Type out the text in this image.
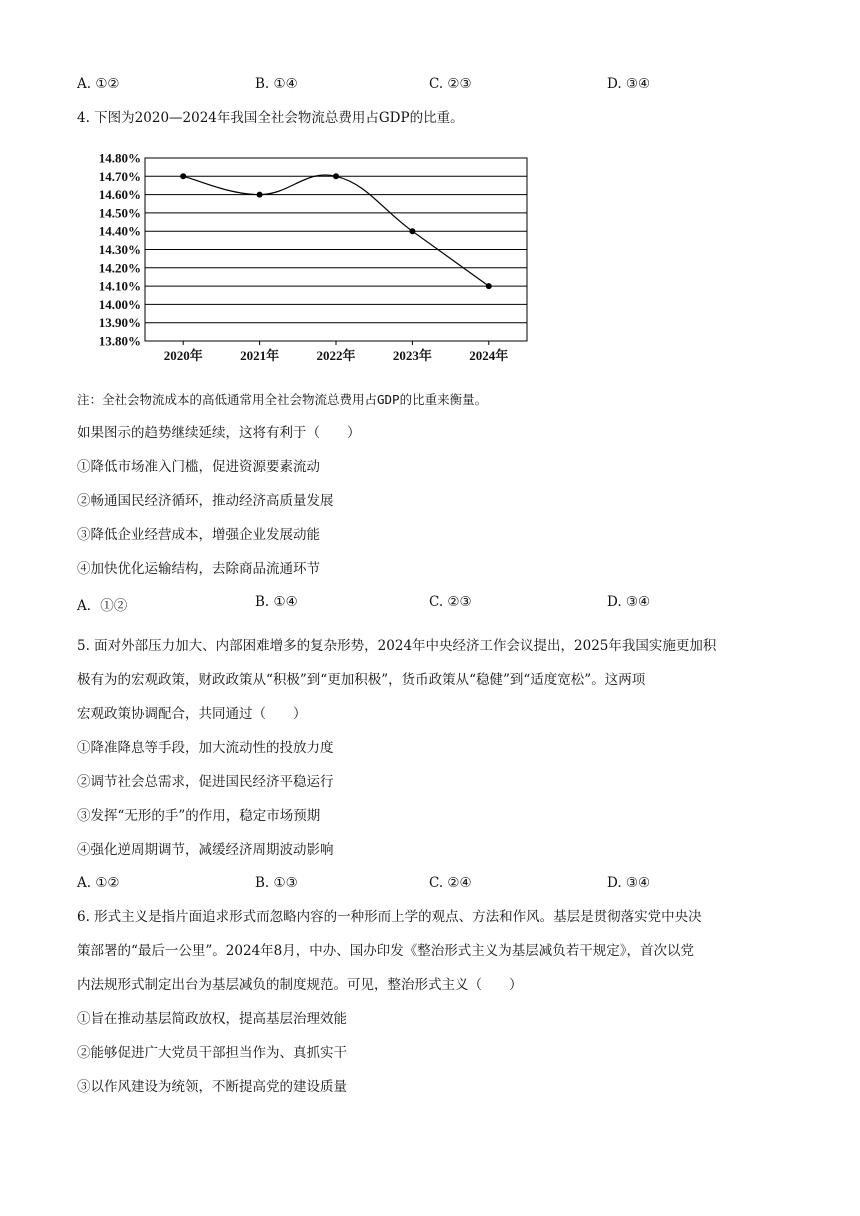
A. ①②	B. ①④	C. ②③	D. ③④
4. 下图为2020—2024年我国全社会物流总费用占GDP的比重。
14.80%
14.70%
14.60%
14.50%
14.40%
14.30%
14.20%
14.10%
14.00%
13.90%
13.80%
2020年	2021年	2022年	2023年	2024年
注：全社会物流成本的高低通常用全社会物流总费用占GDP的比重来衡量。
如果图示的趋势继续延续，这将有利于（　　）
①降低市场准入门槛，促进资源要素流动
②畅通国民经济循环，推动经济高质量发展
③降低企业经营成本，增强企业发展动能
④加快优化运输结构，去除商品流通环节
A．①②	B. ①④	C. ②③	D. ③④
5. 面对外部压力加大、内部困难增多的复杂形势，2024年中央经济工作会议提出，2025年我国实施更加积
极有为的宏观政策，财政政策从“积极”到“更加积极”，货币政策从“稳健”到“适度宽松”。这两项
宏观政策协调配合，共同通过（　　）
①降准降息等手段，加大流动性的投放力度
②调节社会总需求，促进国民经济平稳运行
③发挥“无形的手”的作用，稳定市场预期
④强化逆周期调节，减缓经济周期波动影响
A. ①②	B. ①③	C. ②④	D. ③④
6. 形式主义是指片面追求形式而忽略内容的一种形而上学的观点、方法和作风。基层是贯彻落实党中央决
策部署的“最后一公里”。2024年8月，中办、国办印发《整治形式主义为基层减负若干规定》，首次以党
内法规形式制定出台为基层减负的制度规范。可见，整治形式主义（　　）
①旨在推动基层简政放权，提高基层治理效能
②能够促进广大党员干部担当作为、真抓实干
③以作风建设为统领，不断提高党的建设质量
